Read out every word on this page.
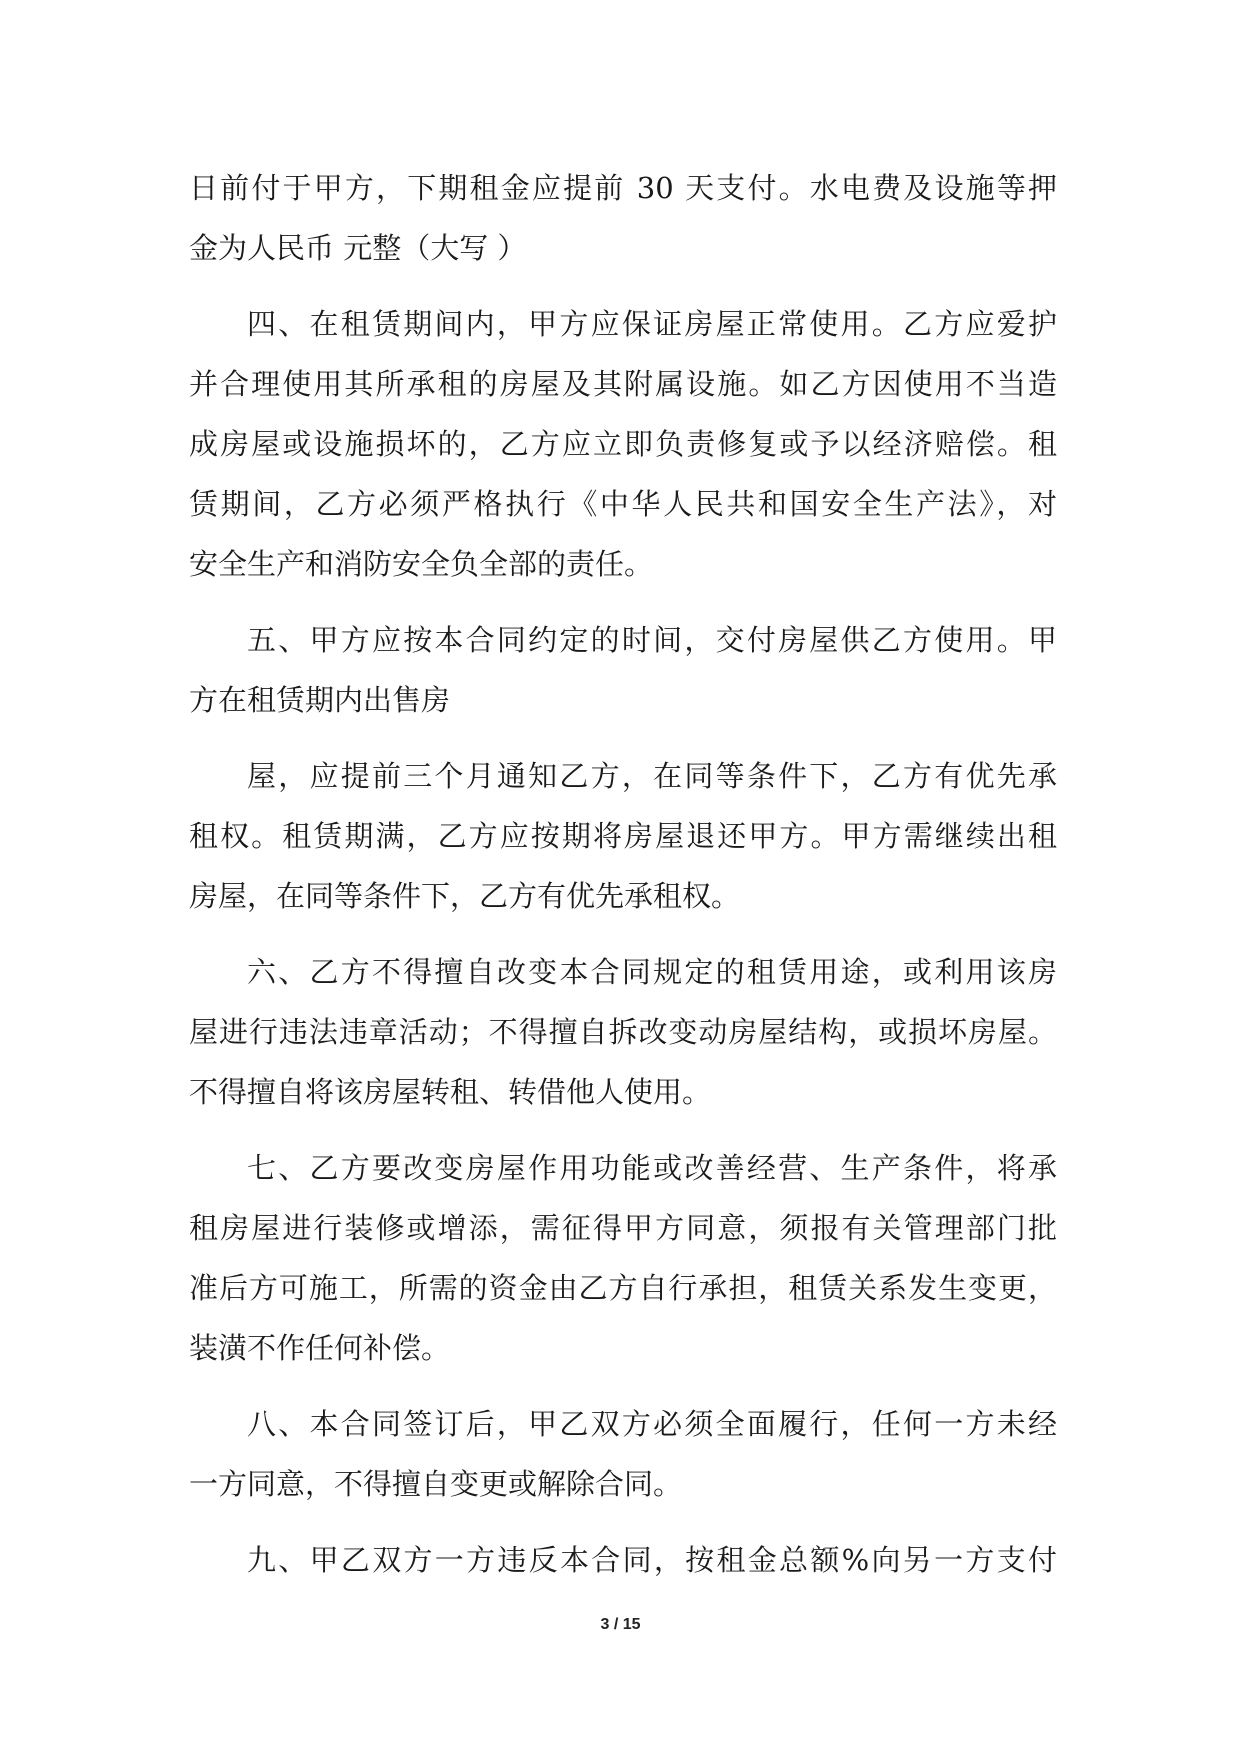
日前付于甲方，下期租金应提前 30 天支付。水电费及设施等押
金为人民币 元整（大写 ）
四、在租赁期间内，甲方应保证房屋正常使用。乙方应爱护
并合理使用其所承租的房屋及其附属设施。如乙方因使用不当造
成房屋或设施损坏的，乙方应立即负责修复或予以经济赔偿。租
赁期间，乙方必须严格执行《中华人民共和国安全生产法》，对
安全生产和消防安全负全部的责任。
五、甲方应按本合同约定的时间，交付房屋供乙方使用。甲
方在租赁期内出售房
屋，应提前三个月通知乙方，在同等条件下，乙方有优先承
租权。租赁期满，乙方应按期将房屋退还甲方。甲方需继续出租
房屋，在同等条件下，乙方有优先承租权。
六、乙方不得擅自改变本合同规定的租赁用途，或利用该房
屋进行违法违章活动；不得擅自拆改变动房屋结构，或损坏房屋。
不得擅自将该房屋转租、转借他人使用。
七、乙方要改变房屋作用功能或改善经营、生产条件，将承
租房屋进行装修或增添，需征得甲方同意，须报有关管理部门批
准后方可施工，所需的资金由乙方自行承担，租赁关系发生变更，
装潢不作任何补偿。
八、本合同签订后，甲乙双方必须全面履行，任何一方未经
一方同意，不得擅自变更或解除合同。
九、甲乙双方一方违反本合同，按租金总额%向另一方支付
3 / 15
